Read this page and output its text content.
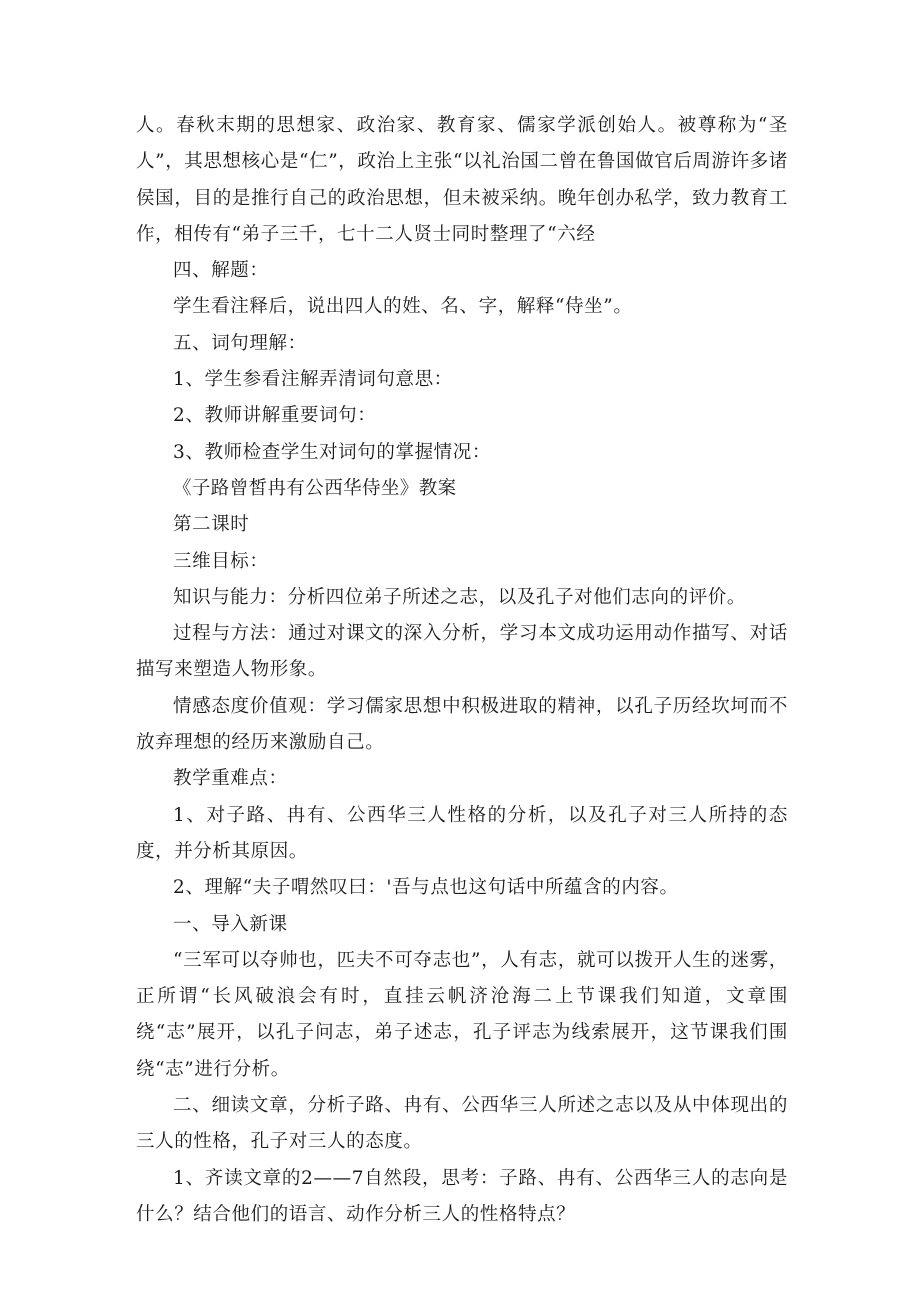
人。春秋末期的思想家、政治家、教育家、儒家学派创始人。被尊称为“圣人”，其思想核心是“仁”，政治上主张“以礼治国二曾在鲁国做官后周游许多诸侯国，目的是推行自己的政治思想，但未被采纳。晚年创办私学，致力教育工作，相传有“弟子三千，七十二人贤士同时整理了“六经

四、解题：

学生看注释后，说出四人的姓、名、字，解释“侍坐”。

五、词句理解：

1、学生参看注解弄清词句意思：

2、教师讲解重要词句：

3、教师检查学生对词句的掌握情况：

《子路曾皙冉有公西华侍坐》教案

第二课时

三维目标：

知识与能力：分析四位弟子所述之志，以及孔子对他们志向的评价。

过程与方法：通过对课文的深入分析，学习本文成功运用动作描写、对话描写来塑造人物形象。

情感态度价值观：学习儒家思想中积极进取的精神，以孔子历经坎坷而不放弃理想的经历来激励自己。

教学重难点：

1、对子路、冉有、公西华三人性格的分析，以及孔子对三人所持的态度，并分析其原因。

2、理解“夫子喟然叹曰：'吾与点也这句话中所蕴含的内容。

一、导入新课

“三军可以夺帅也，匹夫不可夺志也”，人有志，就可以拨开人生的迷雾，正所谓“长风破浪会有时，直挂云帆济沧海二上节课我们知道，文章围绕“志”展开，以孔子问志，弟子述志，孔子评志为线索展开，这节课我们围绕“志”进行分析。

二、细读文章，分析子路、冉有、公西华三人所述之志以及从中体现出的三人的性格，孔子对三人的态度。

1、齐读文章的2——7自然段，思考：子路、冉有、公西华三人的志向是什么？结合他们的语言、动作分析三人的性格特点？
